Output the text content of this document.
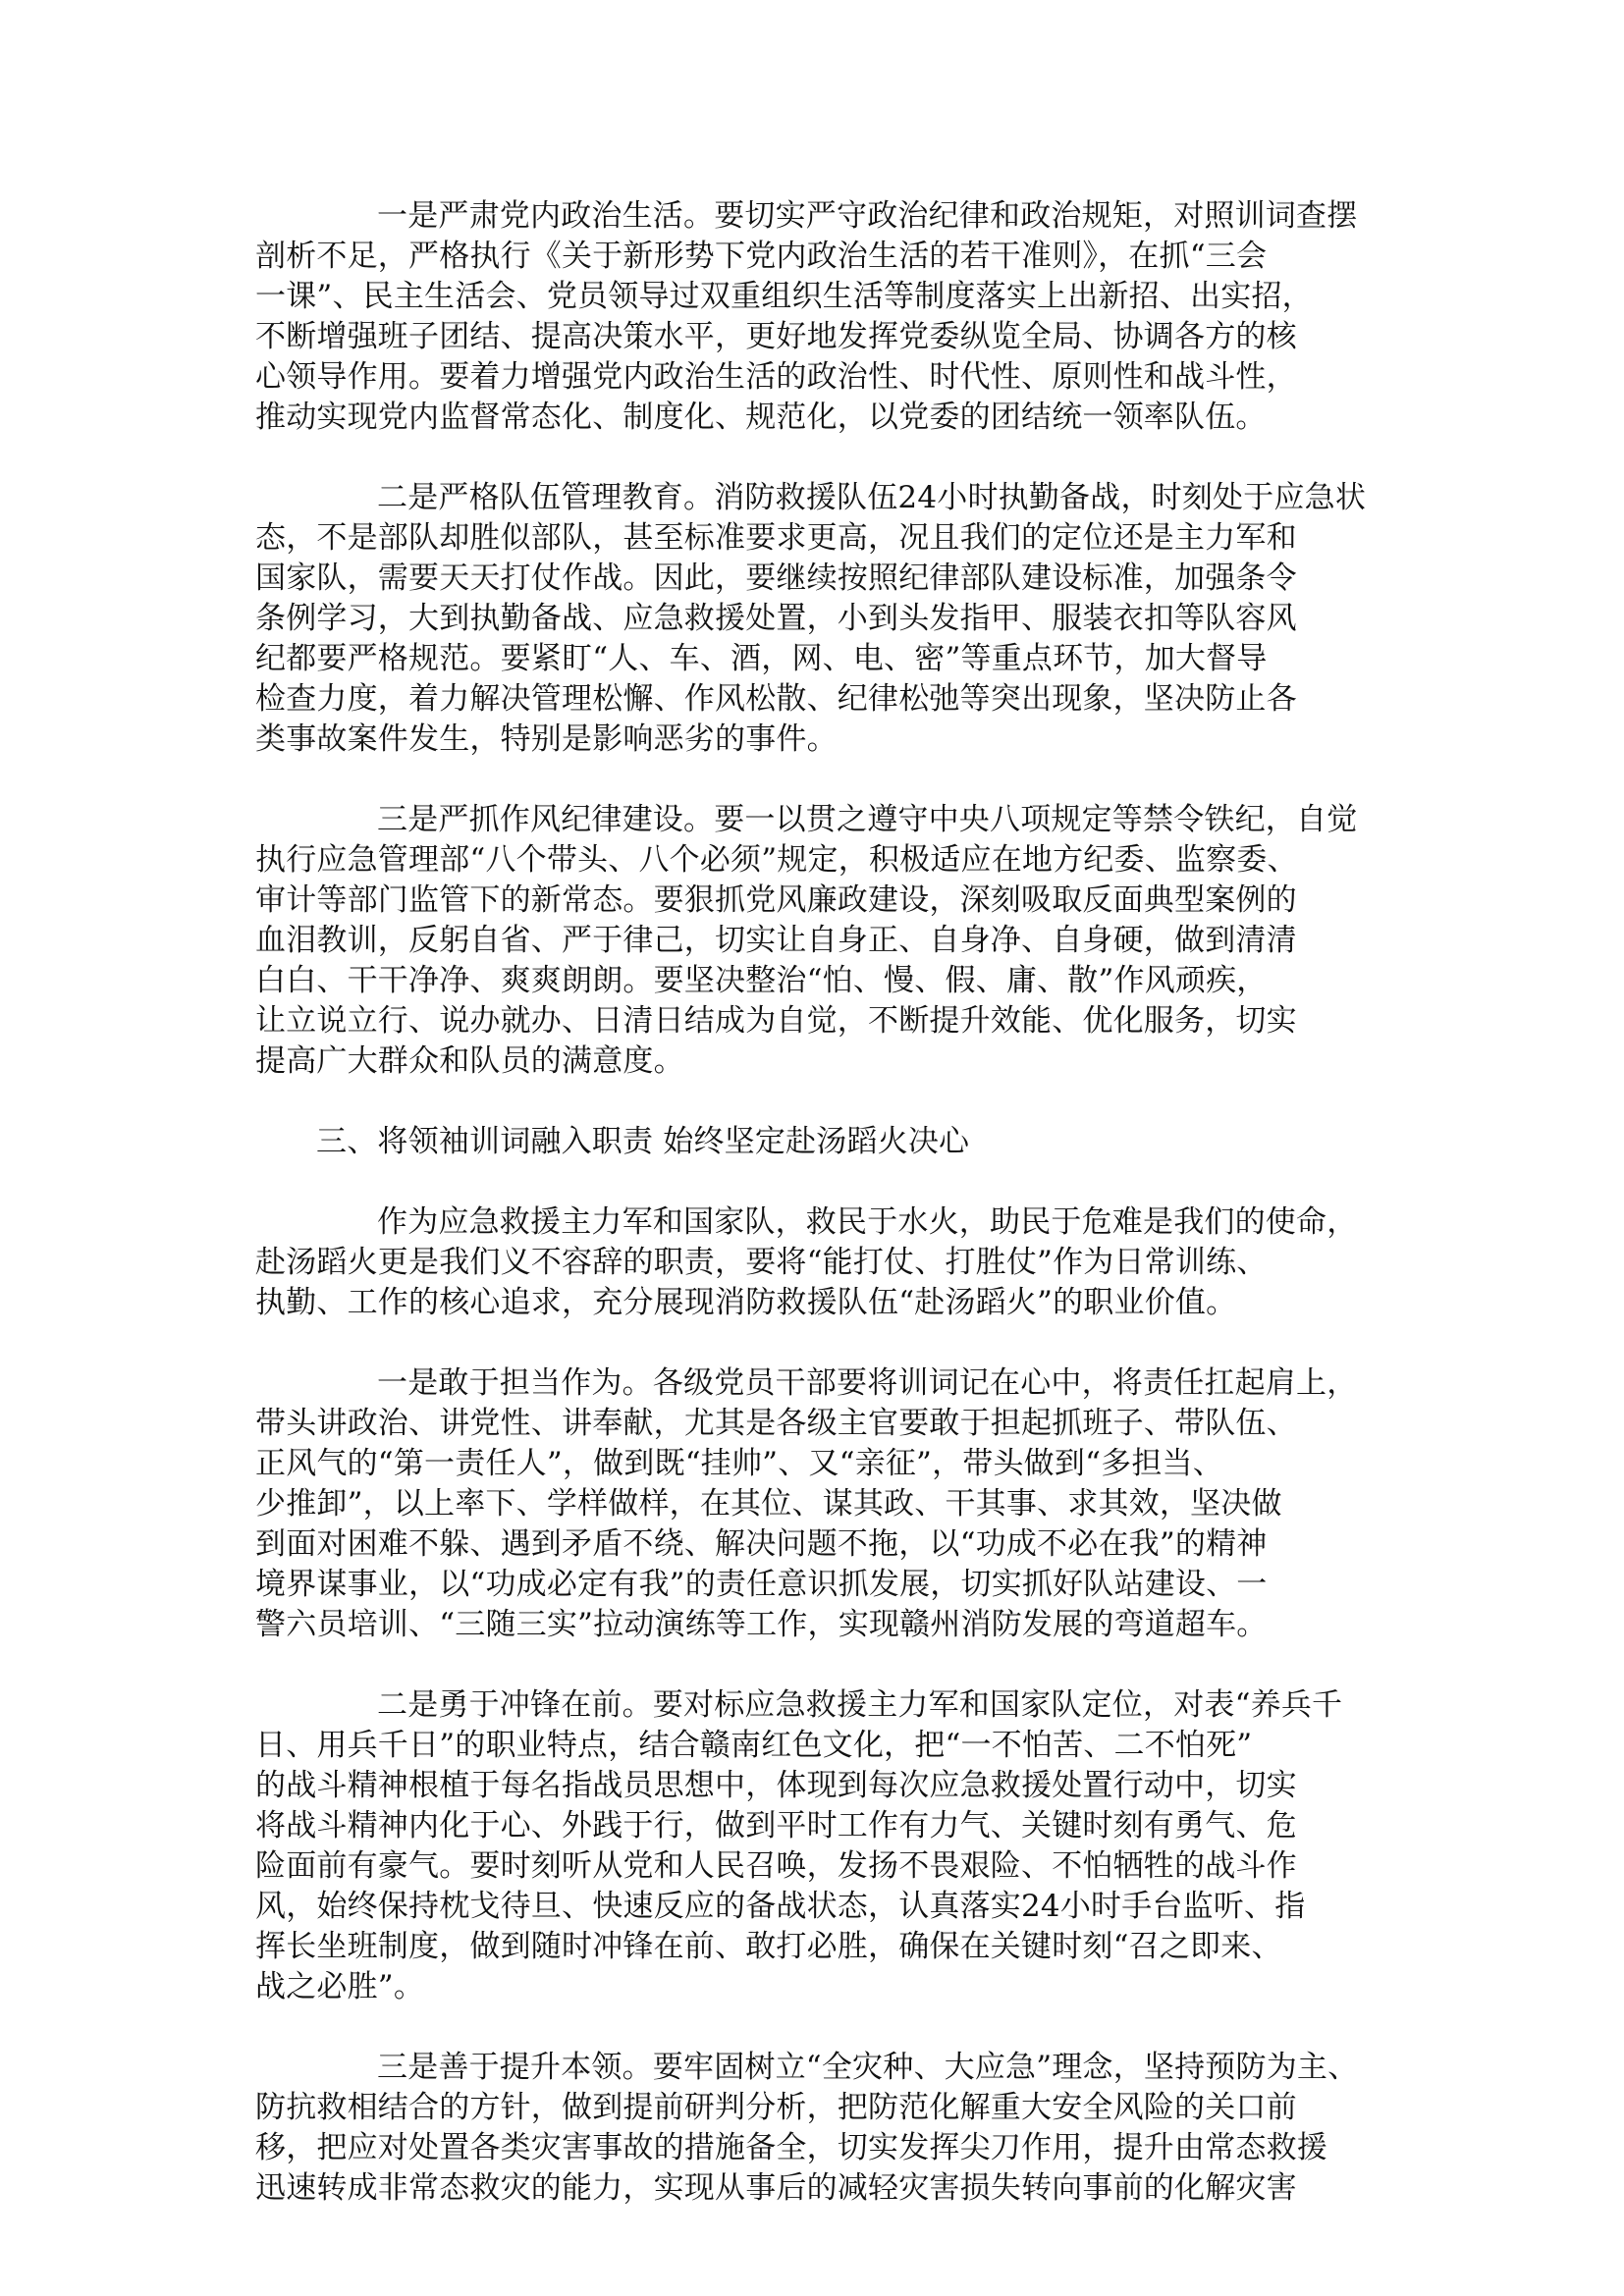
一是严肃党内政治生活。要切实严守政治纪律和政治规矩，对照训词查摆
剖析不足，严格执行《关于新形势下党内政治生活的若干准则》，在抓“三会
一课”、民主生活会、党员领导过双重组织生活等制度落实上出新招、出实招，
不断增强班子团结、提高决策水平，更好地发挥党委纵览全局、协调各方的核
心领导作用。要着力增强党内政治生活的政治性、时代性、原则性和战斗性，
推动实现党内监督常态化、制度化、规范化，以党委的团结统一领率队伍。
二是严格队伍管理教育。消防救援队伍24小时执勤备战，时刻处于应急状
态，不是部队却胜似部队，甚至标准要求更高，况且我们的定位还是主力军和
国家队，需要天天打仗作战。因此，要继续按照纪律部队建设标准，加强条令
条例学习，大到执勤备战、应急救援处置，小到头发指甲、服装衣扣等队容风
纪都要严格规范。要紧盯“人、车、酒，网、电、密”等重点环节，加大督导
检查力度，着力解决管理松懈、作风松散、纪律松弛等突出现象，坚决防止各
类事故案件发生，特别是影响恶劣的事件。
三是严抓作风纪律建设。要一以贯之遵守中央八项规定等禁令铁纪，自觉
执行应急管理部“八个带头、八个必须”规定，积极适应在地方纪委、监察委、
审计等部门监管下的新常态。要狠抓党风廉政建设，深刻吸取反面典型案例的
血泪教训，反躬自省、严于律己，切实让自身正、自身净、自身硬，做到清清
白白、干干净净、爽爽朗朗。要坚决整治“怕、慢、假、庸、散”作风顽疾，
让立说立行、说办就办、日清日结成为自觉，不断提升效能、优化服务，切实
提高广大群众和队员的满意度。
三、将领袖训词融入职责 始终坚定赴汤蹈火决心
作为应急救援主力军和国家队，救民于水火，助民于危难是我们的使命，
赴汤蹈火更是我们义不容辞的职责，要将“能打仗、打胜仗”作为日常训练、
执勤、工作的核心追求，充分展现消防救援队伍“赴汤蹈火”的职业价值。
一是敢于担当作为。各级党员干部要将训词记在心中，将责任扛起肩上，
带头讲政治、讲党性、讲奉献，尤其是各级主官要敢于担起抓班子、带队伍、
正风气的“第一责任人”，做到既“挂帅”、又“亲征”，带头做到“多担当、
少推卸”，以上率下、学样做样，在其位、谋其政、干其事、求其效，坚决做
到面对困难不躲、遇到矛盾不绕、解决问题不拖，以“功成不必在我”的精神
境界谋事业，以“功成必定有我”的责任意识抓发展，切实抓好队站建设、一
警六员培训、“三随三实”拉动演练等工作，实现赣州消防发展的弯道超车。
二是勇于冲锋在前。要对标应急救援主力军和国家队定位，对表“养兵千
日、用兵千日”的职业特点，结合赣南红色文化，把“一不怕苦、二不怕死”
的战斗精神根植于每名指战员思想中，体现到每次应急救援处置行动中，切实
将战斗精神内化于心、外践于行，做到平时工作有力气、关键时刻有勇气、危
险面前有豪气。要时刻听从党和人民召唤，发扬不畏艰险、不怕牺牲的战斗作
风，始终保持枕戈待旦、快速反应的备战状态，认真落实24小时手台监听、指
挥长坐班制度，做到随时冲锋在前、敢打必胜，确保在关键时刻“召之即来、
战之必胜”。
三是善于提升本领。要牢固树立“全灾种、大应急”理念，坚持预防为主、
防抗救相结合的方针，做到提前研判分析，把防范化解重大安全风险的关口前
移，把应对处置各类灾害事故的措施备全，切实发挥尖刀作用，提升由常态救援
迅速转成非常态救灾的能力，实现从事后的减轻灾害损失转向事前的化解灾害
